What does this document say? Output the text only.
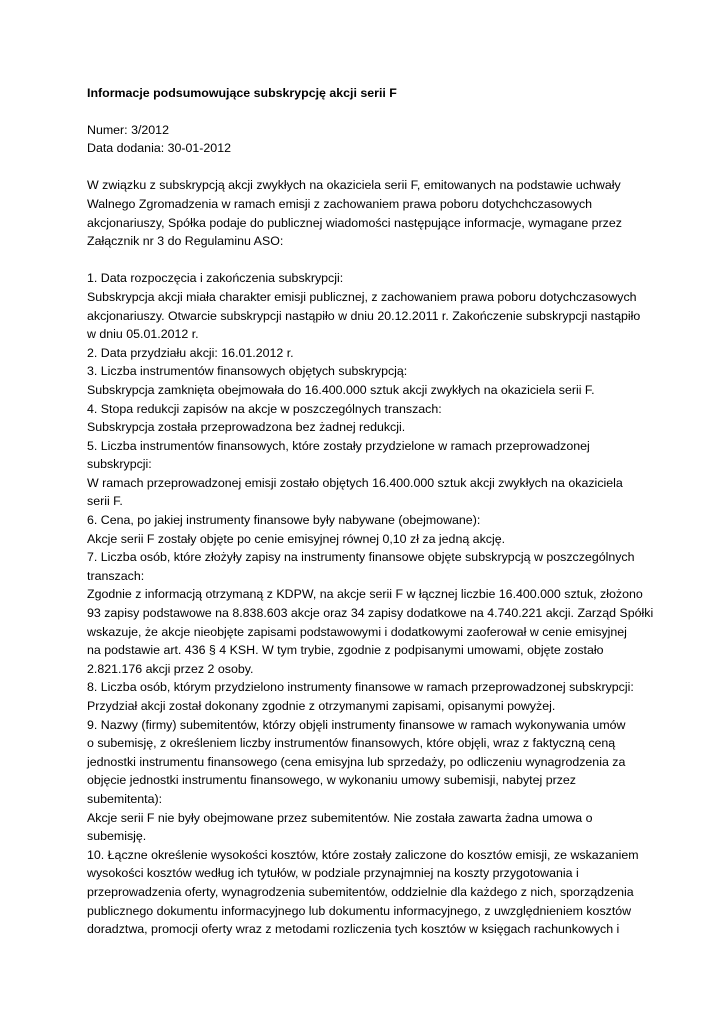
Informacje podsumowujące subskrypcję akcji serii F
Numer: 3/2012
Data dodania: 30-01-2012
W związku z subskrypcją akcji zwykłych na okaziciela serii F, emitowanych na podstawie uchwały
Walnego Zgromadzenia w ramach emisji z zachowaniem prawa poboru dotychchczasowych
akcjonariuszy, Spółka podaje do publicznej wiadomości następujące informacje, wymagane przez
Załącznik nr 3 do Regulaminu ASO:
1. Data rozpoczęcia i zakończenia subskrypcji:
Subskrypcja akcji miała charakter emisji publicznej, z zachowaniem prawa poboru dotychczasowych
akcjonariuszy. Otwarcie subskrypcji nastąpiło w dniu 20.12.2011 r. Zakończenie subskrypcji nastąpiło
w dniu 05.01.2012 r.
2. Data przydziału akcji: 16.01.2012 r.
3. Liczba instrumentów finansowych objętych subskrypcją:
Subskrypcja zamknięta obejmowała do 16.400.000 sztuk akcji zwykłych na okaziciela serii F.
4. Stopa redukcji zapisów na akcje w poszczególnych transzach:
Subskrypcja została przeprowadzona bez żadnej redukcji.
5. Liczba instrumentów finansowych, które zostały przydzielone w ramach przeprowadzonej
subskrypcji:
W ramach przeprowadzonej emisji zostało objętych 16.400.000 sztuk akcji zwykłych na okaziciela
serii F.
6. Cena, po jakiej instrumenty finansowe były nabywane (obejmowane):
Akcje serii F zostały objęte po cenie emisyjnej równej 0,10 zł za jedną akcję.
7. Liczba osób, które złożyły zapisy na instrumenty finansowe objęte subskrypcją w poszczególnych
transzach:
Zgodnie z informacją otrzymaną z KDPW, na akcje serii F w łącznej liczbie 16.400.000 sztuk, złożono
93 zapisy podstawowe na 8.838.603 akcje oraz 34 zapisy dodatkowe na 4.740.221 akcji. Zarząd Spółki
wskazuje, że akcje nieobjęte zapisami podstawowymi i dodatkowymi zaoferował w cenie emisyjnej
na podstawie art. 436 § 4 KSH. W tym trybie, zgodnie z podpisanymi umowami, objęte zostało
2.821.176 akcji przez 2 osoby.
8. Liczba osób, którym przydzielono instrumenty finansowe w ramach przeprowadzonej subskrypcji:
Przydział akcji został dokonany zgodnie z otrzymanymi zapisami, opisanymi powyżej.
9. Nazwy (firmy) subemitentów, którzy objęli instrumenty finansowe w ramach wykonywania umów
o subemisję, z określeniem liczby instrumentów finansowych, które objęli, wraz z faktyczną ceną
jednostki instrumentu finansowego (cena emisyjna lub sprzedaży, po odliczeniu wynagrodzenia za
objęcie jednostki instrumentu finansowego, w wykonaniu umowy subemisji, nabytej przez
subemitenta):
Akcje serii F nie były obejmowane przez subemitentów. Nie została zawarta żadna umowa o
subemisję.
10. Łączne określenie wysokości kosztów, które zostały zaliczone do kosztów emisji, ze wskazaniem
wysokości kosztów według ich tytułów, w podziale przynajmniej na koszty przygotowania i
przeprowadzenia oferty, wynagrodzenia subemitentów, oddzielnie dla każdego z nich, sporządzenia
publicznego dokumentu informacyjnego lub dokumentu informacyjnego, z uwzględnieniem kosztów
doradztwa, promocji oferty wraz z metodami rozliczenia tych kosztów w księgach rachunkowych i
